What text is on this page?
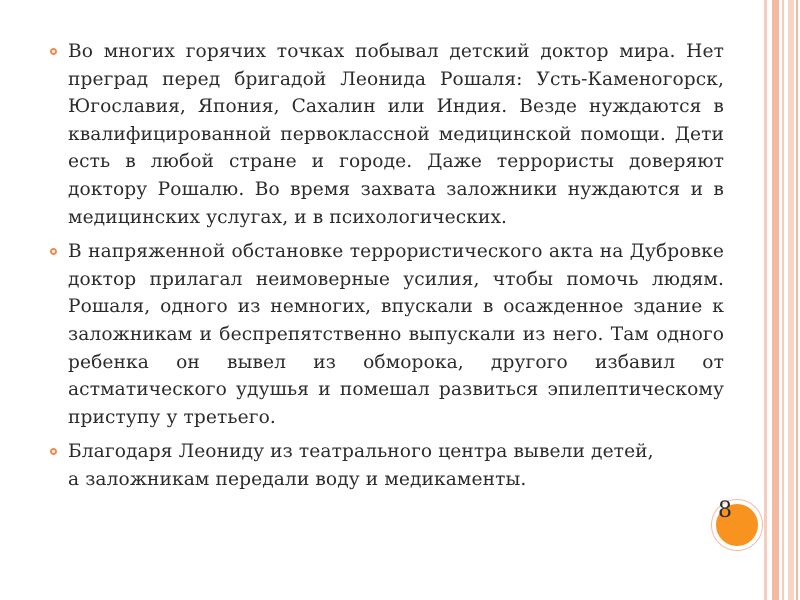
Во многих горячих точках побывал детский доктор мира. Нет преград перед бригадой Леонида Рошаля: Усть-Каменогорск, Югославия, Япония, Сахалин или Индия. Везде нуждаются в квалифицированной первоклассной медицинской помощи. Дети есть в любой стране и городе. Даже террористы доверяют доктору Рошалю. Во время захвата заложники нуждаются и в медицинских услугах, и в психологических.
В напряженной обстановке террористического акта на Дубровке доктор прилагал неимоверные усилия, чтобы помочь людям. Рошаля, одного из немногих, впускали в осажденное здание к заложникам и беспрепятственно выпускали из него. Там одного ребенка он вывел из обморока, другого избавил от астматического удушья и помешал развиться эпилептическому приступу у третьего.
Благодаря Леониду из театрального центра вывели детей, а заложникам передали воду и медикаменты.
8
